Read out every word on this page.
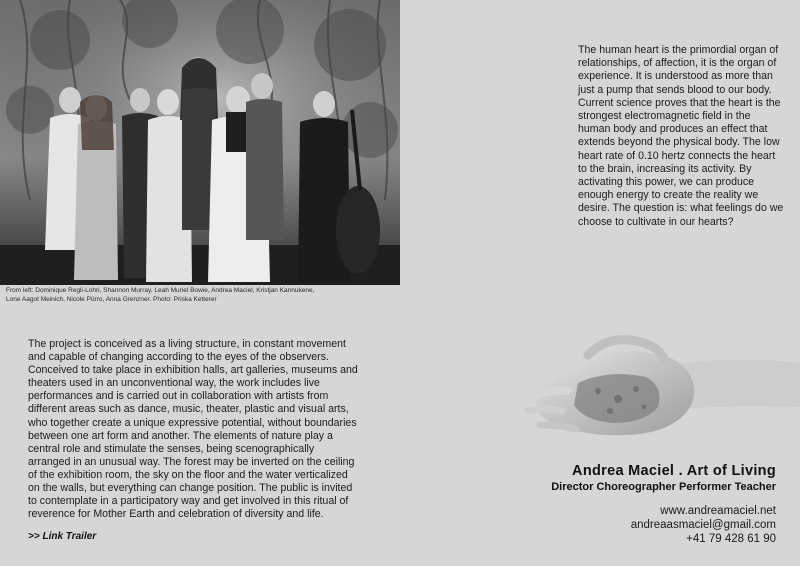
From left: Dominique Regli-Lohri, Shannon Murray, Leah Muriel Bowie, Andrea Maciel, Kristjan Kannukene,
Lone Aagot Meinich, Nicole Pürro, Anna Grenzner. Photo: Priska Ketterer

The human heart is the primordial organ of relationships, of affection, it is the organ of experience. It is understood as more than just a pump that sends blood to our body. Current science proves that the heart is the strongest electromagnetic field in the human body and produces an effect that extends beyond the physical body. The low heart rate of 0.10 hertz connects the heart to the brain, increasing its activity. By activating this power, we can produce enough energy to create the reality we desire. The question is: what feelings do we choose to cultivate in our hearts?

The project is conceived as a living structure, in constant movement and capable of changing according to the eyes of the observers. Conceived to take place in exhibition halls, art galleries, museums and theaters used in an unconventional way, the work includes live performances and is carried out in collaboration with artists from different areas such as dance, music, theater, plastic and visual arts, who together create a unique expressive potential, without boundaries between one art form and another. The elements of nature play a central role and stimulate the senses, being scenographically arranged in an unusual way. The forest may be inverted on the ceiling of the exhibition room, the sky on the floor and the water verticalized on the walls, but everything can change position. The public is invited to contemplate in a participatory way and get involved in this ritual of reverence for Mother Earth and celebration of diversity and life.

>> Link Trailer
Andrea Maciel . Art of Living
Director Choreographer Performer Teacher
www.andreamaciel.net
andreaasmaciel@gmail.com
+41 79 428 61 90
